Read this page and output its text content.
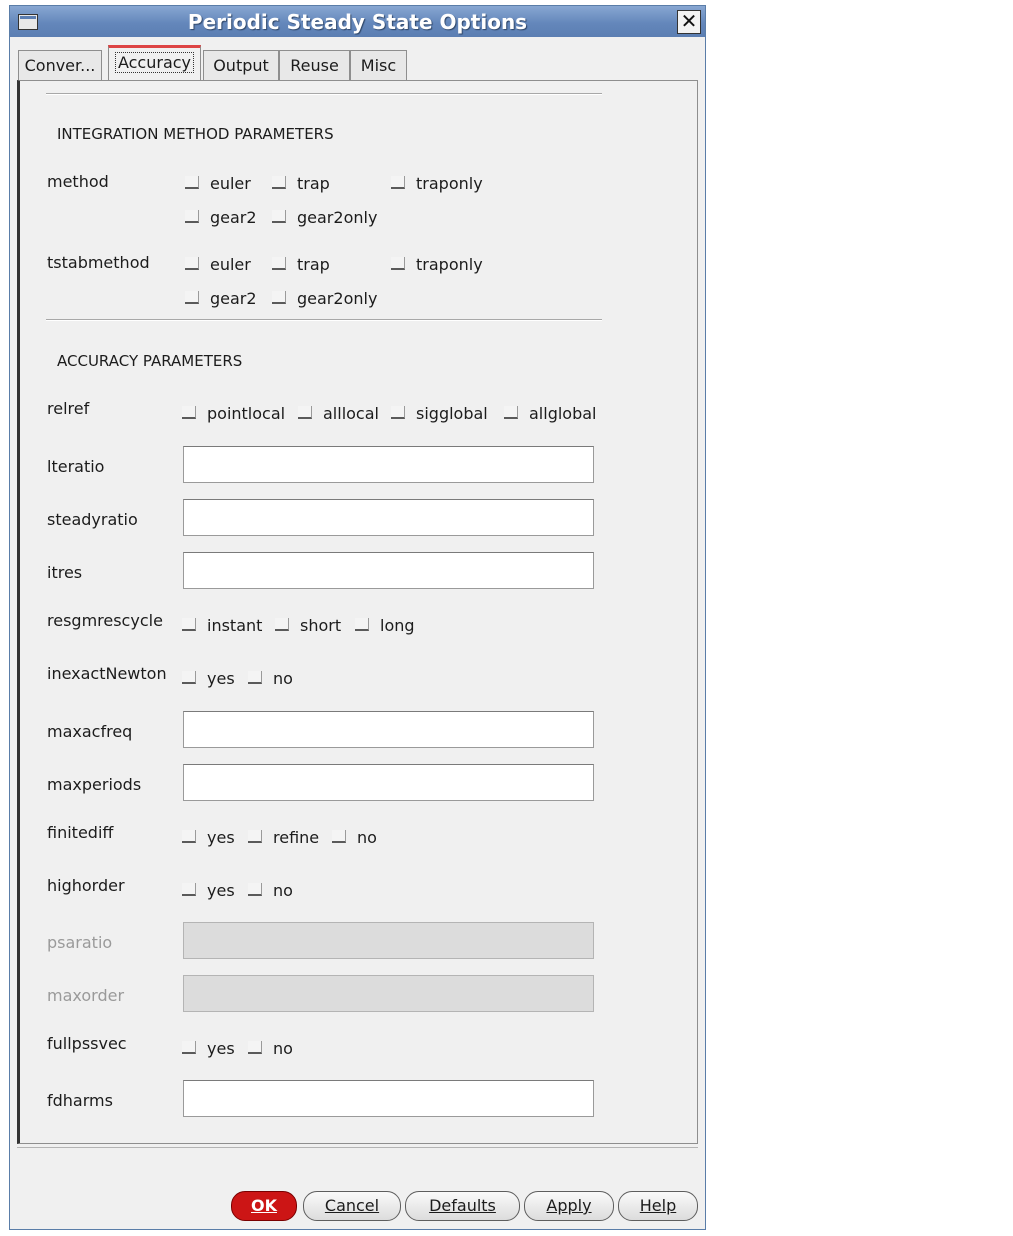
Periodic Steady State Options	✕
Conver...	Accuracy	Output	Reuse	Misc
INTEGRATION METHOD PARAMETERS
method	euler	trap	traponly
gear2	gear2only
tstabmethod	euler	trap	traponly
gear2	gear2only
ACCURACY PARAMETERS
relref	pointlocal	alllocal	sigglobal	allglobal
lteratio
steadyratio
itres
resgmrescycle	instant	short	long
inexactNewton	yes	no
maxacfreq
maxperiods
finitediff	yes	refine	no
highorder	yes	no
psaratio
maxorder
fullpssvec	yes	no
fdharms
OK	Cancel	Defaults	Apply	Help
